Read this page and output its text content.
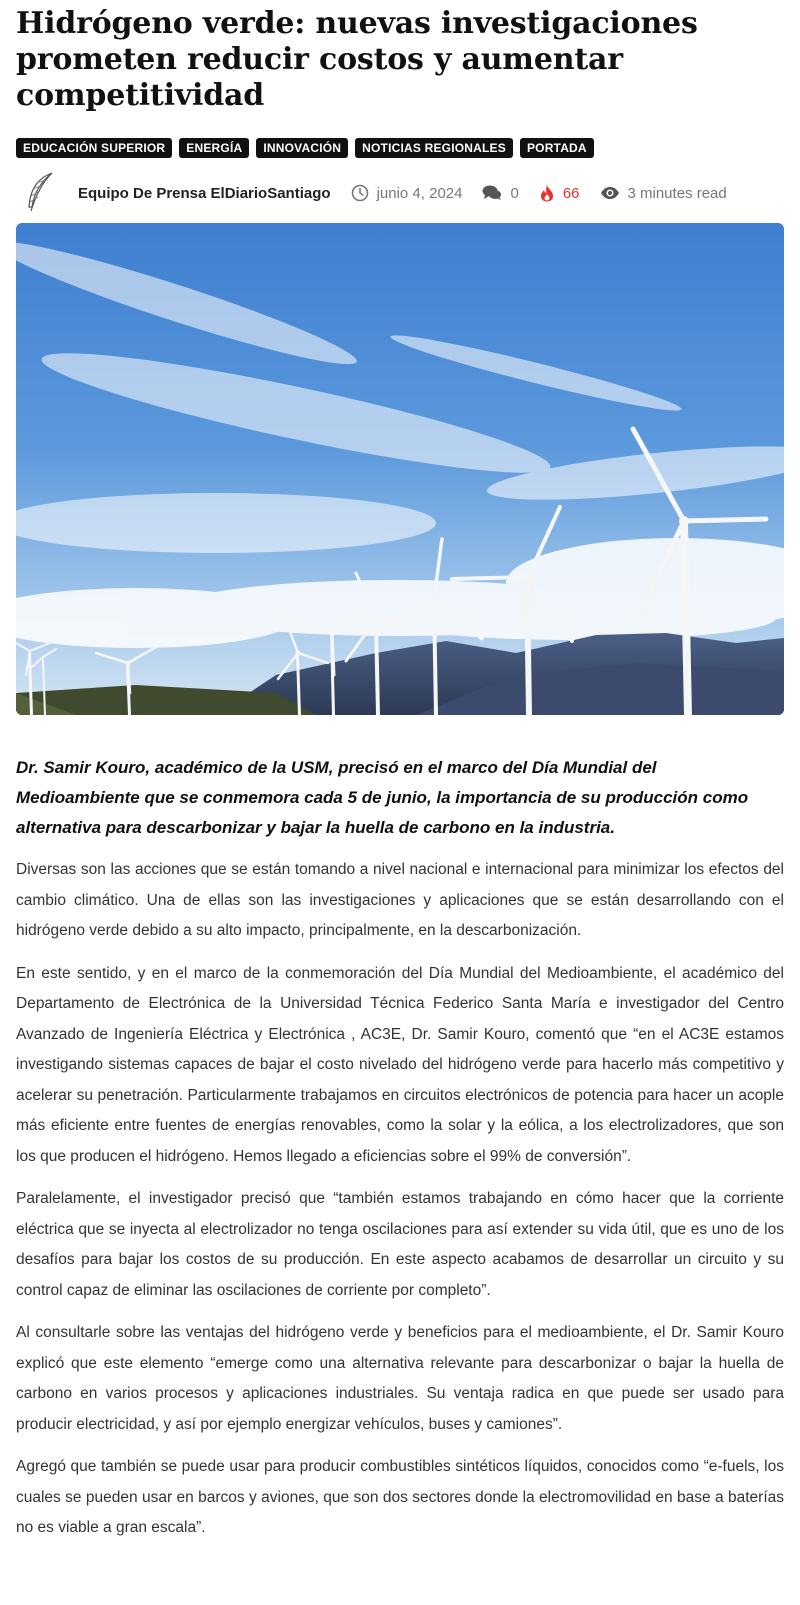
Hidrógeno verde: nuevas investigaciones prometen reducir costos y aumentar competitividad
EDUCACIÓN SUPERIOR	ENERGÍA	INNOVACIÓN	NOTICIAS REGIONALES	PORTADA
Equipo De Prensa ElDiarioSantiago	junio 4, 2024	0	66	3 minutes read

Dr. Samir Kouro, académico de la USM, precisó en el marco del Día Mundial del Medioambiente que se conmemora cada 5 de junio, la importancia de su producción como alternativa para descarbonizar y bajar la huella de carbono en la industria.

Diversas son las acciones que se están tomando a nivel nacional e internacional para minimizar los efectos del cambio climático. Una de ellas son las investigaciones y aplicaciones que se están desarrollando con el hidrógeno verde debido a su alto impacto, principalmente, en la descarbonización.

En este sentido, y en el marco de la conmemoración del Día Mundial del Medioambiente, el académico del Departamento de Electrónica de la Universidad Técnica Federico Santa María e investigador del Centro Avanzado de Ingeniería Eléctrica y Electrónica , AC3E, Dr. Samir Kouro, comentó que “en el AC3E estamos investigando sistemas capaces de bajar el costo nivelado del hidrógeno verde para hacerlo más competitivo y acelerar su penetración. Particularmente trabajamos en circuitos electrónicos de potencia para hacer un acople más eficiente entre fuentes de energías renovables, como la solar y la eólica, a los electrolizadores, que son los que producen el hidrógeno. Hemos llegado a eficiencias sobre el 99% de conversión”.

Paralelamente, el investigador precisó que “también estamos trabajando en cómo hacer que la corriente eléctrica que se inyecta al electrolizador no tenga oscilaciones para así extender su vida útil, que es uno de los desafíos para bajar los costos de su producción. En este aspecto acabamos de desarrollar un circuito y su control capaz de eliminar las oscilaciones de corriente por completo”.

Al consultarle sobre las ventajas del hidrógeno verde y beneficios para el medioambiente, el Dr. Samir Kouro explicó que este elemento “emerge como una alternativa relevante para descarbonizar o bajar la huella de carbono en varios procesos y aplicaciones industriales. Su ventaja radica en que puede ser usado para producir electricidad, y así por ejemplo energizar vehículos, buses y camiones”.

Agregó que también se puede usar para producir combustibles sintéticos líquidos, conocidos como “e-fuels, los cuales se pueden usar en barcos y aviones, que son dos sectores donde la electromovilidad en base a baterías no es viable a gran escala”.
